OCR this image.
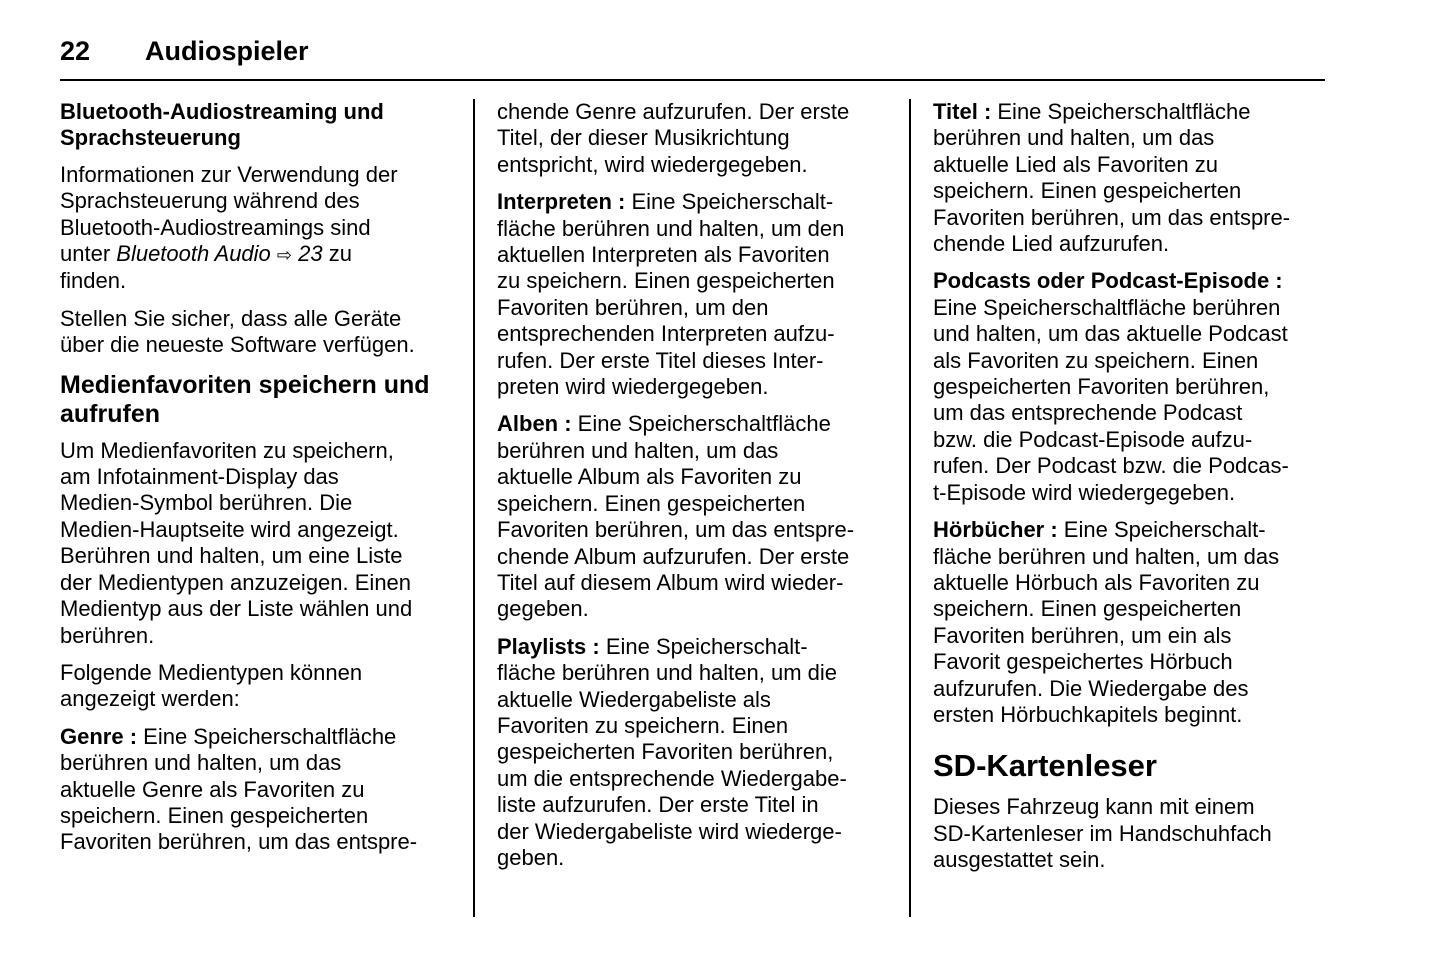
22 Audiospieler
Bluetooth-Audiostreaming und
Sprachsteuerung

Informationen zur Verwendung der
Sprachsteuerung während des
Bluetooth-Audiostreamings sind
unter Bluetooth Audio ⇨ 23 zu
finden.

Stellen Sie sicher, dass alle Geräte
über die neueste Software verfügen.

Medienfavoriten speichern und
aufrufen

Um Medienfavoriten zu speichern,
am Infotainment-Display das
Medien-Symbol berühren. Die
Medien-Hauptseite wird angezeigt.
Berühren und halten, um eine Liste
der Medientypen anzuzeigen. Einen
Medientyp aus der Liste wählen und
berühren.

Folgende Medientypen können
angezeigt werden:

Genre : Eine Speicherschaltfläche
berühren und halten, um das
aktuelle Genre als Favoriten zu
speichern. Einen gespeicherten
Favoriten berühren, um das entspre-

chende Genre aufzurufen. Der erste
Titel, der dieser Musikrichtung
entspricht, wird wiedergegeben.

Interpreten : Eine Speicherschalt-
fläche berühren und halten, um den
aktuellen Interpreten als Favoriten
zu speichern. Einen gespeicherten
Favoriten berühren, um den
entsprechenden Interpreten aufzu-
rufen. Der erste Titel dieses Inter-
preten wird wiedergegeben.

Alben : Eine Speicherschaltfläche
berühren und halten, um das
aktuelle Album als Favoriten zu
speichern. Einen gespeicherten
Favoriten berühren, um das entspre-
chende Album aufzurufen. Der erste
Titel auf diesem Album wird wieder-
gegeben.

Playlists : Eine Speicherschalt-
fläche berühren und halten, um die
aktuelle Wiedergabeliste als
Favoriten zu speichern. Einen
gespeicherten Favoriten berühren,
um die entsprechende Wiedergabe-
liste aufzurufen. Der erste Titel in
der Wiedergabeliste wird wiederge-
geben.

Titel : Eine Speicherschaltfläche
berühren und halten, um das
aktuelle Lied als Favoriten zu
speichern. Einen gespeicherten
Favoriten berühren, um das entspre-
chende Lied aufzurufen.

Podcasts oder Podcast-Episode :
Eine Speicherschaltfläche berühren
und halten, um das aktuelle Podcast
als Favoriten zu speichern. Einen
gespeicherten Favoriten berühren,
um das entsprechende Podcast
bzw. die Podcast-Episode aufzu-
rufen. Der Podcast bzw. die Podcas-
t-Episode wird wiedergegeben.

Hörbücher : Eine Speicherschalt-
fläche berühren und halten, um das
aktuelle Hörbuch als Favoriten zu
speichern. Einen gespeicherten
Favoriten berühren, um ein als
Favorit gespeichertes Hörbuch
aufzurufen. Die Wiedergabe des
ersten Hörbuchkapitels beginnt.

SD-Kartenleser

Dieses Fahrzeug kann mit einem
SD-Kartenleser im Handschuhfach
ausgestattet sein.
